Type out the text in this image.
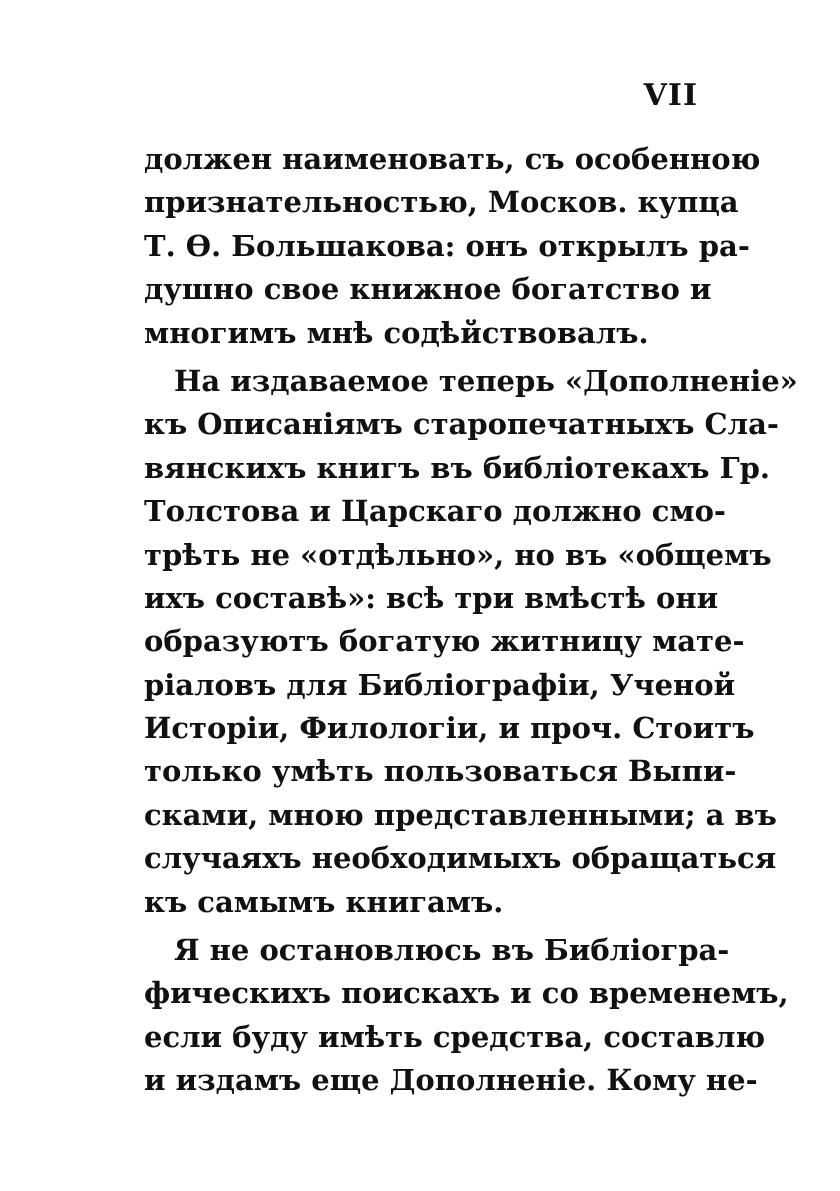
VII
должен наименовать, съ особенною
признательностью, Москов. купца
Т. Ѳ. Большакова: онъ открылъ ра-
душно свое книжное богатство и
многимъ мнѣ содѣйствовалъ.
На издаваемое теперь «Дополненіе»
къ Описаніямъ старопечатныхъ Сла-
вянскихъ книгъ въ библіотекахъ Гр.
Толстова и Царскаго должно смо-
трѣть не «отдѣльно», но въ «общемъ
ихъ составѣ»: всѣ три вмѣстѣ они
образуютъ богатую житницу мате-
ріаловъ для Библіографіи, Ученой
Исторіи, Филологіи, и проч. Стоитъ
только умѣть пользоваться Выпи-
сками, мною представленными; а въ
случаяхъ необходимыхъ обращаться
къ самымъ книгамъ.
Я не остановлюсь въ Библіогра-
фическихъ поискахъ и со временемъ,
если буду имѣть средства, составлю
и издамъ еще Дополненіе. Кому не-
